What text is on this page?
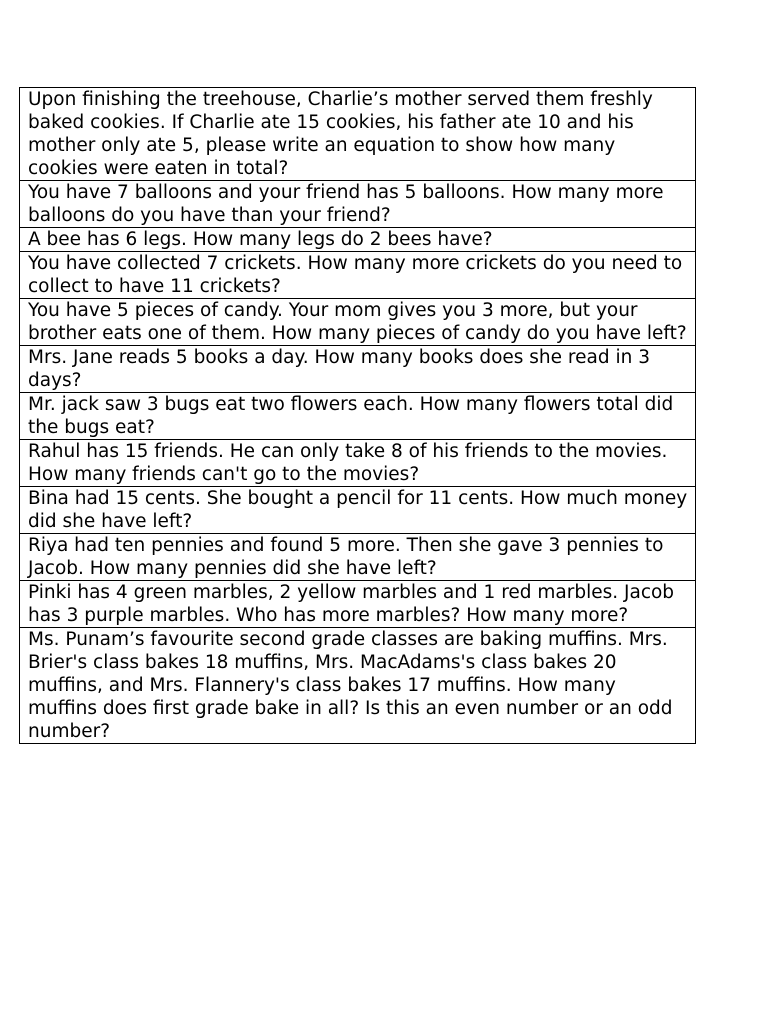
Upon finishing the treehouse, Charlie’s mother served them freshly baked cookies. If Charlie ate 15 cookies, his father ate 10 and his mother only ate 5, please write an equation to show how many cookies were eaten in total?
You have 7 balloons and your friend has 5 balloons. How many more balloons do you have than your friend?
A bee has 6 legs. How many legs do 2 bees have?
You have collected 7 crickets. How many more crickets do you need to collect to have 11 crickets?
You have 5 pieces of candy. Your mom gives you 3 more, but your brother eats one of them. How many pieces of candy do you have left?
Mrs. Jane reads 5 books a day. How many books does she read in 3 days?
Mr. jack saw 3 bugs eat two flowers each. How many flowers total did the bugs eat?
Rahul has 15 friends. He can only take 8 of his friends to the movies. How many friends can't go to the movies?
Bina had 15 cents. She bought a pencil for 11 cents. How much money did she have left?
Riya had ten pennies and found 5 more. Then she gave 3 pennies to Jacob. How many pennies did she have left?
Pinki has 4 green marbles, 2 yellow marbles and 1 red marbles. Jacob has 3 purple marbles. Who has more marbles? How many more?
Ms. Punam’s favourite second grade classes are baking muffins. Mrs. Brier's class bakes 18 muffins, Mrs. MacAdams's class bakes 20 muffins, and Mrs. Flannery's class bakes 17 muffins. How many muffins does first grade bake in all? Is this an even number or an odd number?
